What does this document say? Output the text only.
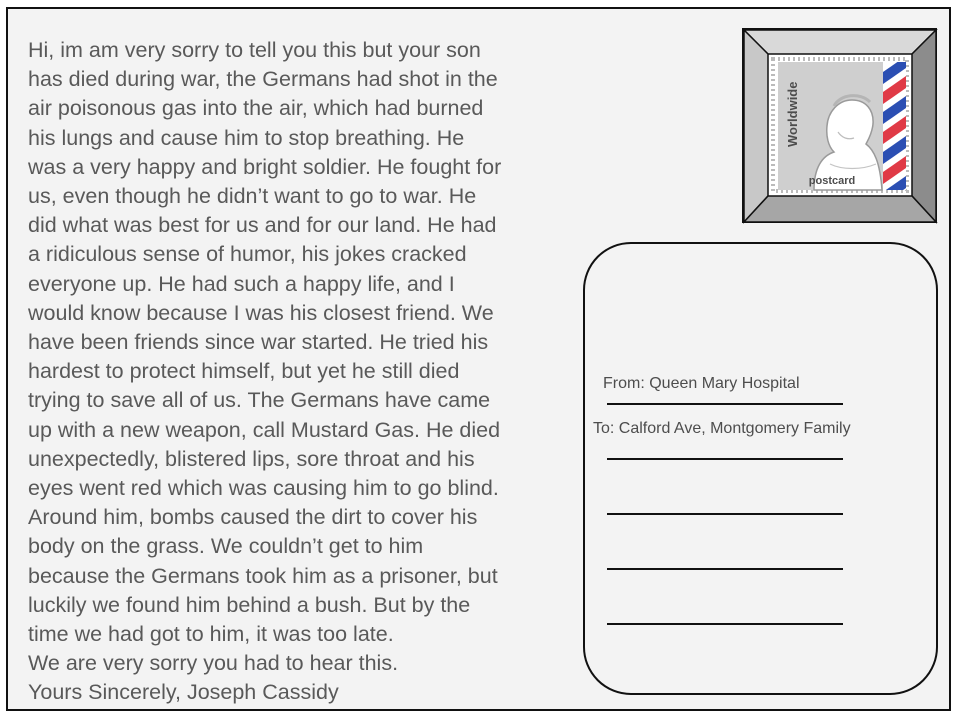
Hi, im am very sorry to tell you this but your son
has died during war, the Germans had shot in the
air poisonous gas into the air, which had burned
his lungs and cause him to stop breathing. He
was a very happy and bright soldier. He fought for
us, even though he didn’t want to go to war. He
did what was best for us and for our land. He had
a ridiculous sense of humor, his jokes cracked
everyone up. He had such a happy life, and I
would know because I was his closest friend. We
have been friends since war started. He tried his
hardest to protect himself, but yet he still died
trying to save all of us. The Germans have came
up with a new weapon, call Mustard Gas. He died
unexpectedly, blistered lips, sore throat and his
eyes went red which was causing him to go blind.
Around him, bombs caused the dirt to cover his
body on the grass. We couldn’t get to him
because the Germans took him as a prisoner, but
luckily we found him behind a bush. But by the
time we had got to him, it was too late.
We are very sorry you had to hear this.
Yours Sincerely, Joseph Cassidy

Worldwide
postcard
From: Queen Mary Hospital
To: Calford Ave, Montgomery Family
